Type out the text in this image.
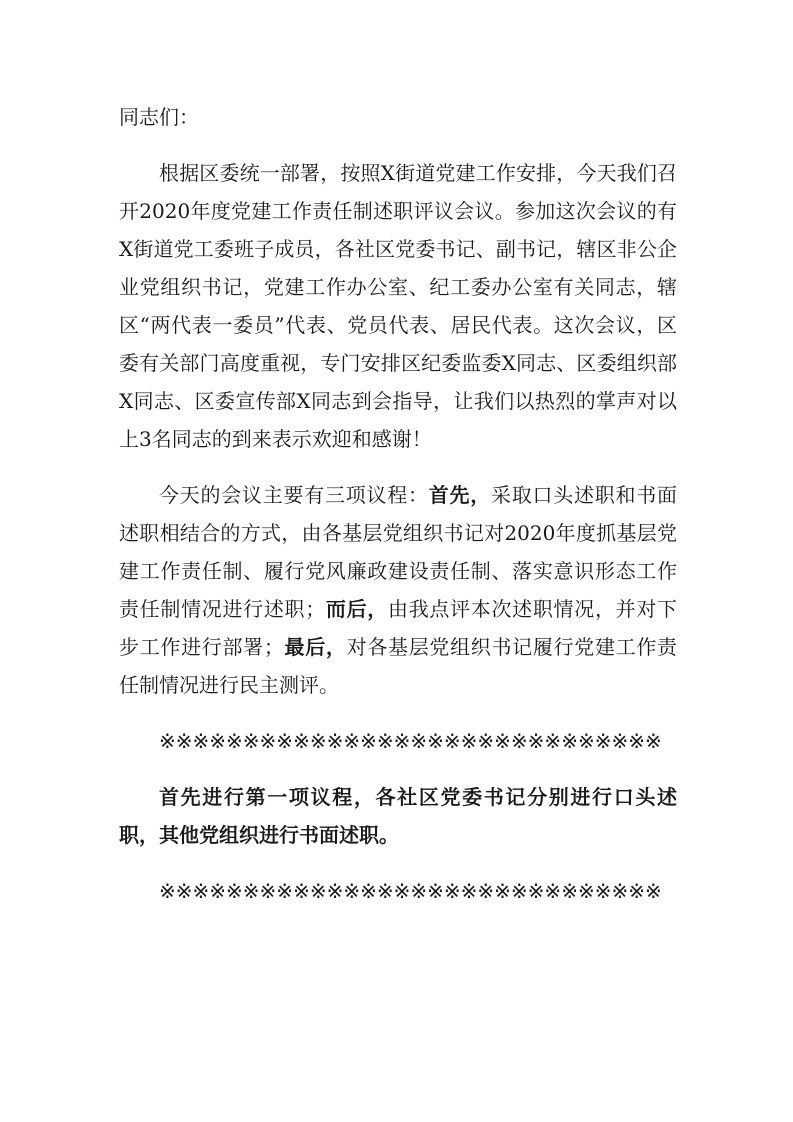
同志们：

根据区委统一部署，按照X街道党建工作安排，今天我们召开2020年度党建工作责任制述职评议会议。参加这次会议的有X街道党工委班子成员，各社区党委书记、副书记，辖区非公企业党组织书记，党建工作办公室、纪工委办公室有关同志，辖区“两代表一委员”代表、党员代表、居民代表。这次会议，区委有关部门高度重视，专门安排区纪委监委X同志、区委组织部X同志、区委宣传部X同志到会指导，让我们以热烈的掌声对以上3名同志的到来表示欢迎和感谢！

今天的会议主要有三项议程：首先，采取口头述职和书面述职相结合的方式，由各基层党组织书记对2020年度抓基层党建工作责任制、履行党风廉政建设责任制、落实意识形态工作责任制情况进行述职；而后，由我点评本次述职情况，并对下步工作进行部署；最后，对各基层党组织书记履行党建工作责任制情况进行民主测评。

※※※※※※※※※※※※※※※※※※※※※※※※※※※※※※

首先进行第一项议程，各社区党委书记分别进行口头述职，其他党组织进行书面述职。

※※※※※※※※※※※※※※※※※※※※※※※※※※※※※※
